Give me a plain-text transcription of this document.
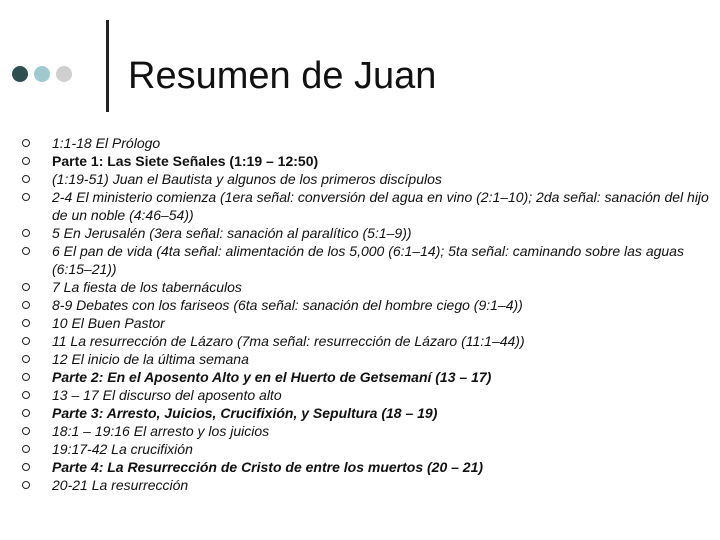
Resumen de Juan
1:1-18 El Prólogo
Parte 1: Las Siete Señales (1:19 – 12:50)
(1:19-51) Juan el Bautista y algunos de los primeros discípulos
2-4 El ministerio comienza (1era señal: conversión del agua en vino (2:1–10); 2da señal: sanación del hijo de un noble (4:46–54))
5 En Jerusalén (3era señal: sanación al paralítico (5:1–9))
6 El pan de vida (4ta señal: alimentación de los 5,000 (6:1–14); 5ta señal: caminando sobre las aguas (6:15–21))
7 La fiesta de los tabernáculos
8-9 Debates con los fariseos (6ta señal: sanación del hombre ciego (9:1–4))
10 El Buen Pastor
11 La resurrección de Lázaro (7ma señal: resurrección de Lázaro (11:1–44))
12 El inicio de la última semana
Parte 2: En el Aposento Alto y en el Huerto de Getsemaní (13 – 17)
13 – 17 El discurso del aposento alto
Parte 3: Arresto, Juicios, Crucifixión, y Sepultura (18 – 19)
18:1 – 19:16 El arresto y los juicios
19:17-42 La crucifixión
Parte 4: La Resurrección de Cristo de entre los muertos (20 – 21)
20-21 La resurrección
